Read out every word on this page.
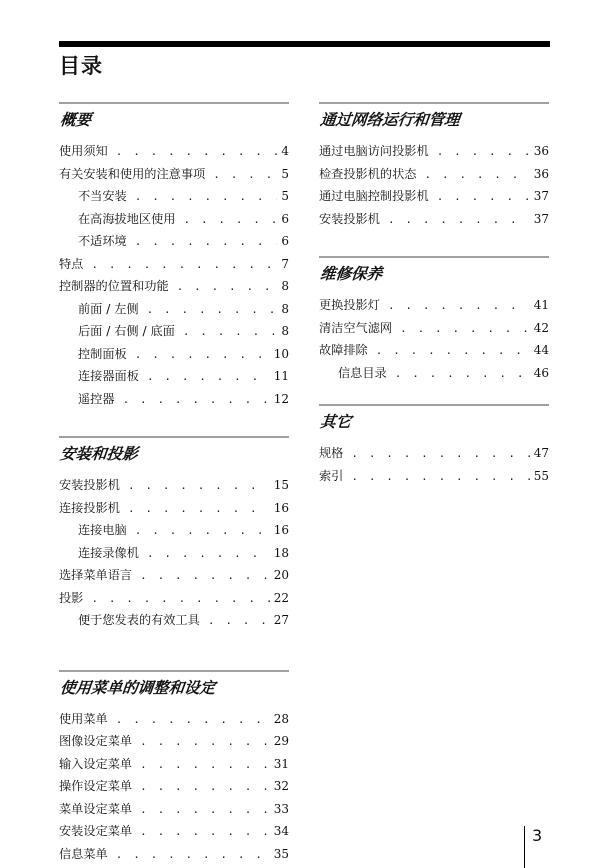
目录
概要
使用须知 . . .	4
有关安装和使用的注意事项 . . .	5
不当安装 . . .	5
在高海拔地区使用 . . .	6
不适环境 . . .	6
特点 . . .	7
控制器的位置和功能 . . .	8
前面 / 左侧 . . .	8
后面 / 右侧 / 底面 . . .	8
控制面板 . . .	10
连接器面板 . . .	11
遥控器 . . .	12
安装和投影
安装投影机 . . .	15
连接投影机 . . .	16
连接电脑 . . .	16
连接录像机 . . .	18
选择菜单语言 . . .	20
投影 . . .	22
便于您发表的有效工具 . . .	27
使用菜单的调整和设定
使用菜单 . . .	28
图像设定菜单 . . .	29
输入设定菜单 . . .	31
操作设定菜单 . . .	32
菜单设定菜单 . . .	33
安装设定菜单 . . .	34
信息菜单 . . .	35
通过网络运行和管理
通过电脑访问投影机 . . .	36
检查投影机的状态 . . .	36
通过电脑控制投影机 . . .	37
安装投影机 . . .	37
维修保养
更换投影灯 . . .	41
清洁空气滤网 . . .	42
故障排除 . . .	44
信息目录 . . .	46
其它
规格 . . .	47
索引 . . .	55
3
